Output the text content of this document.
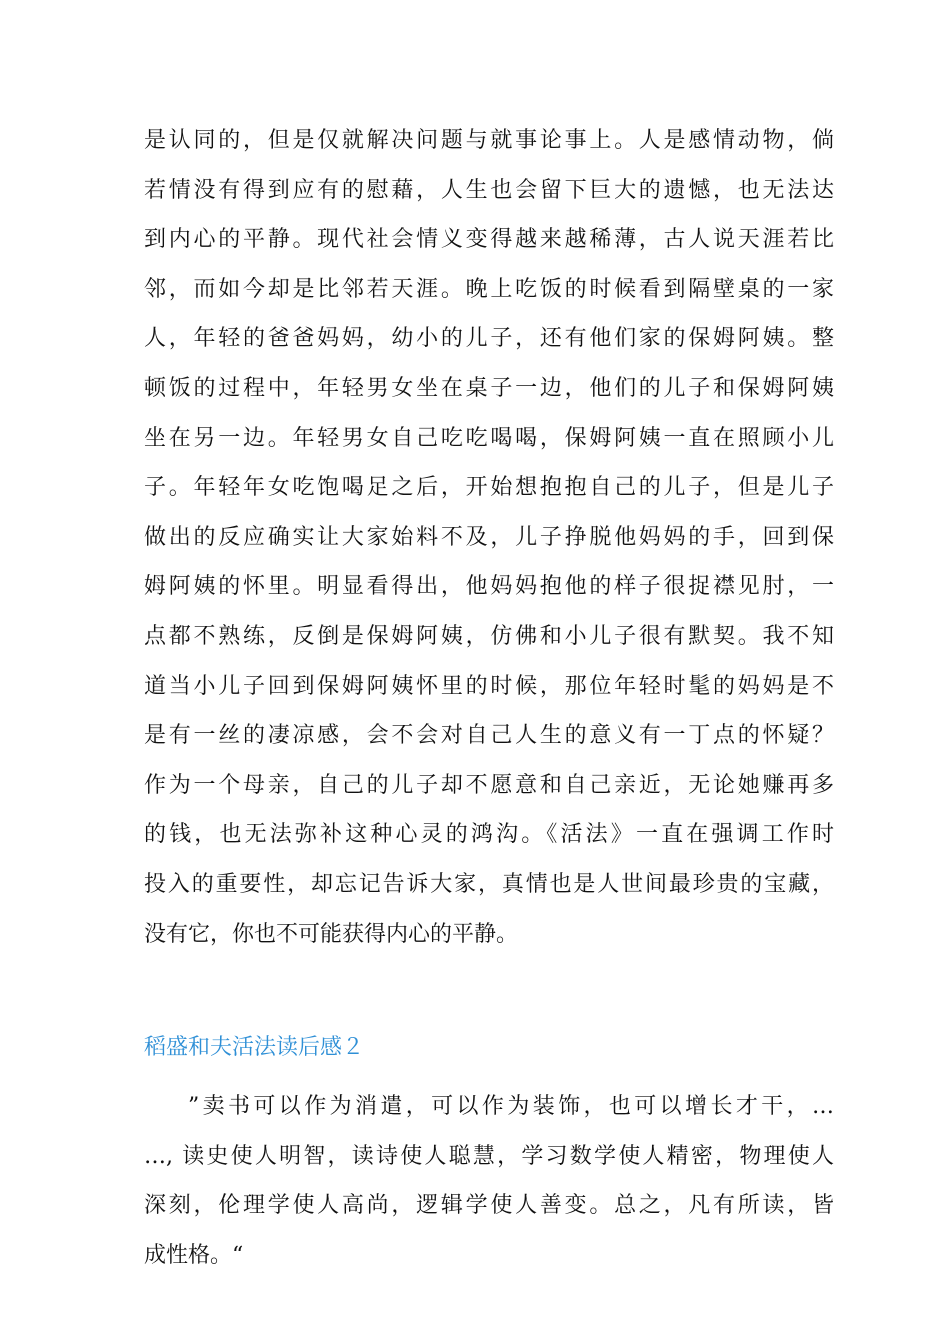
是认同的，但是仅就解决问题与就事论事上。人是感情动物，倘
若情没有得到应有的慰藉，人生也会留下巨大的遗憾，也无法达
到内心的平静。现代社会情义变得越来越稀薄，古人说天涯若比
邻，而如今却是比邻若天涯。晚上吃饭的时候看到隔壁桌的一家
人，年轻的爸爸妈妈，幼小的儿子，还有他们家的保姆阿姨。整
顿饭的过程中，年轻男女坐在桌子一边，他们的儿子和保姆阿姨
坐在另一边。年轻男女自己吃吃喝喝，保姆阿姨一直在照顾小儿
子。年轻年女吃饱喝足之后，开始想抱抱自己的儿子，但是儿子
做出的反应确实让大家始料不及，儿子挣脱他妈妈的手，回到保
姆阿姨的怀里。明显看得出，他妈妈抱他的样子很捉襟见肘，一
点都不熟练，反倒是保姆阿姨，仿佛和小儿子很有默契。我不知
道当小儿子回到保姆阿姨怀里的时候，那位年轻时髦的妈妈是不
是有一丝的凄凉感，会不会对自己人生的意义有一丁点的怀疑？
作为一个母亲，自己的儿子却不愿意和自己亲近，无论她赚再多
的钱，也无法弥补这种心灵的鸿沟。《活法》一直在强调工作时
投入的重要性，却忘记告诉大家，真情也是人世间最珍贵的宝藏，
没有它，你也不可能获得内心的平静。
稻盛和夫活法读后感２
”卖书可以作为消遣，可以作为装饰，也可以增长才干，…
…, 读史使人明智，读诗使人聪慧，学习数学使人精密，物理使人
深刻，伦理学使人高尚，逻辑学使人善变。总之，凡有所读，皆
成性格。“
